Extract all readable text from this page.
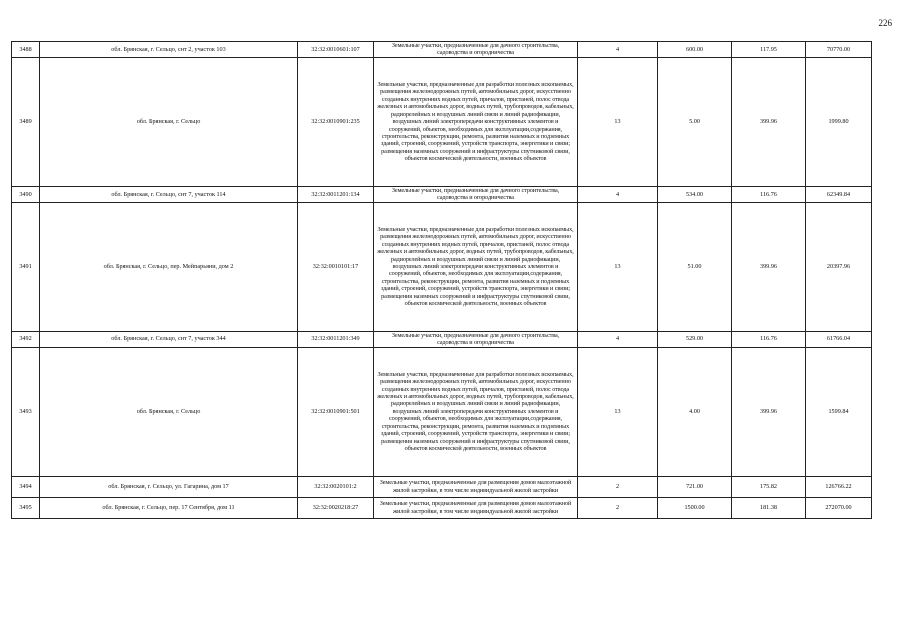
226
3488	обл. Брянская, г. Сельцо, снт 2, участок 103	32:32:0010601:107	Земельные участки, предназначенные для дачного строительства, садоводства и огородничества	4	600.00	117.95	70770.00
3489	обл. Брянская, г. Сельцо	32:32:0010901:235	Земельные участки, предназначенные для разработки полезных ископаемых, размещения железнодорожных путей, автомобильных дорог, искусственно созданных внутренних водных путей, причалов, пристаней, полос отвода железных и автомобильных дорог, водных путей, трубопроводов, кабельных, радиорелейных и воздушных линий связи и линий радиофикации, воздушных линий электропередачи конструктивных элементов и сооружений, объектов, необходимых для эксплуатации,содержания, строительства, реконструкции, ремонта, развития наземных и подземных зданий, строений, сооружений, устройств транспорта, энергетики и связи; размещения наземных сооружений и инфраструктуры спутниковой связи, объектов космической деятельности, военных объектов	13	5.00	399.96	1999.80
3490	обл. Брянская, г. Сельцо, снт 7, участок 114	32:32:0011201:134	Земельные участки, предназначенные для дачного строительства, садоводства и огородничества	4	534.00	116.76	62349.84
3491	обл. Брянская, г. Сельцо, пер. Мейпарьяни, дом 2	32:32:0010101:17	Земельные участки, предназначенные для разработки полезных ископаемых, размещения железнодорожных путей, автомобильных дорог, искусственно созданных внутренних водных путей, причалов, пристаней, полос отвода железных и автомобильных дорог, водных путей, трубопроводов, кабельных, радиорелейных и воздушных линий связи и линий радиофикации, воздушных линий электропередачи конструктивных элементов и сооружений, объектов, необходимых для эксплуатации,содержания, строительства, реконструкции, ремонта, развития наземных и подземных зданий, строений, сооружений, устройств транспорта, энергетики и связи; размещения наземных сооружений и инфраструктуры спутниковой связи, объектов космической деятельности, военных объектов	13	51.00	399.96	20397.96
3492	обл. Брянская, г. Сельцо, снт 7, участок 344	32:32:0011201:349	Земельные участки, предназначенные для дачного строительства, садоводства и огородничества	4	529.00	116.76	61766.04
3493	обл. Брянская, г. Сельцо	32:32:0010901:501	Земельные участки, предназначенные для разработки полезных ископаемых, размещения железнодорожных путей, автомобильных дорог, искусственно созданных внутренних водных путей, причалов, пристаней, полос отвода железных и автомобильных дорог, водных путей, трубопроводов, кабельных, радиорелейных и воздушных линий связи и линий радиофикации, воздушных линий электропередачи конструктивных элементов и сооружений, объектов, необходимых для эксплуатации,содержания, строительства, реконструкции, ремонта, развития наземных и подземных зданий, строений, сооружений, устройств транспорта, энергетики и связи; размещения наземных сооружений и инфраструктуры спутниковой связи, объектов космической деятельности, военных объектов	13	4.00	399.96	1599.84
3494	обл. Брянская, г. Сельцо, ул. Гагарина, дом 17	32:32:0020101:2	Земельные участки, предназначенные для размещения домов малоэтажной жилой застройки, в том числе индивидуальной жилой застройки	2	721.00	175.82	126766.22
3495	обл. Брянская, г. Сельцо, пер. 17 Сентября, дом 11	32:32:0020218:27	Земельные участки, предназначенные для размещения домов малоэтажной жилой застройки, в том числе индивидуальной жилой застройки	2	1500.00	181.38	272070.00
